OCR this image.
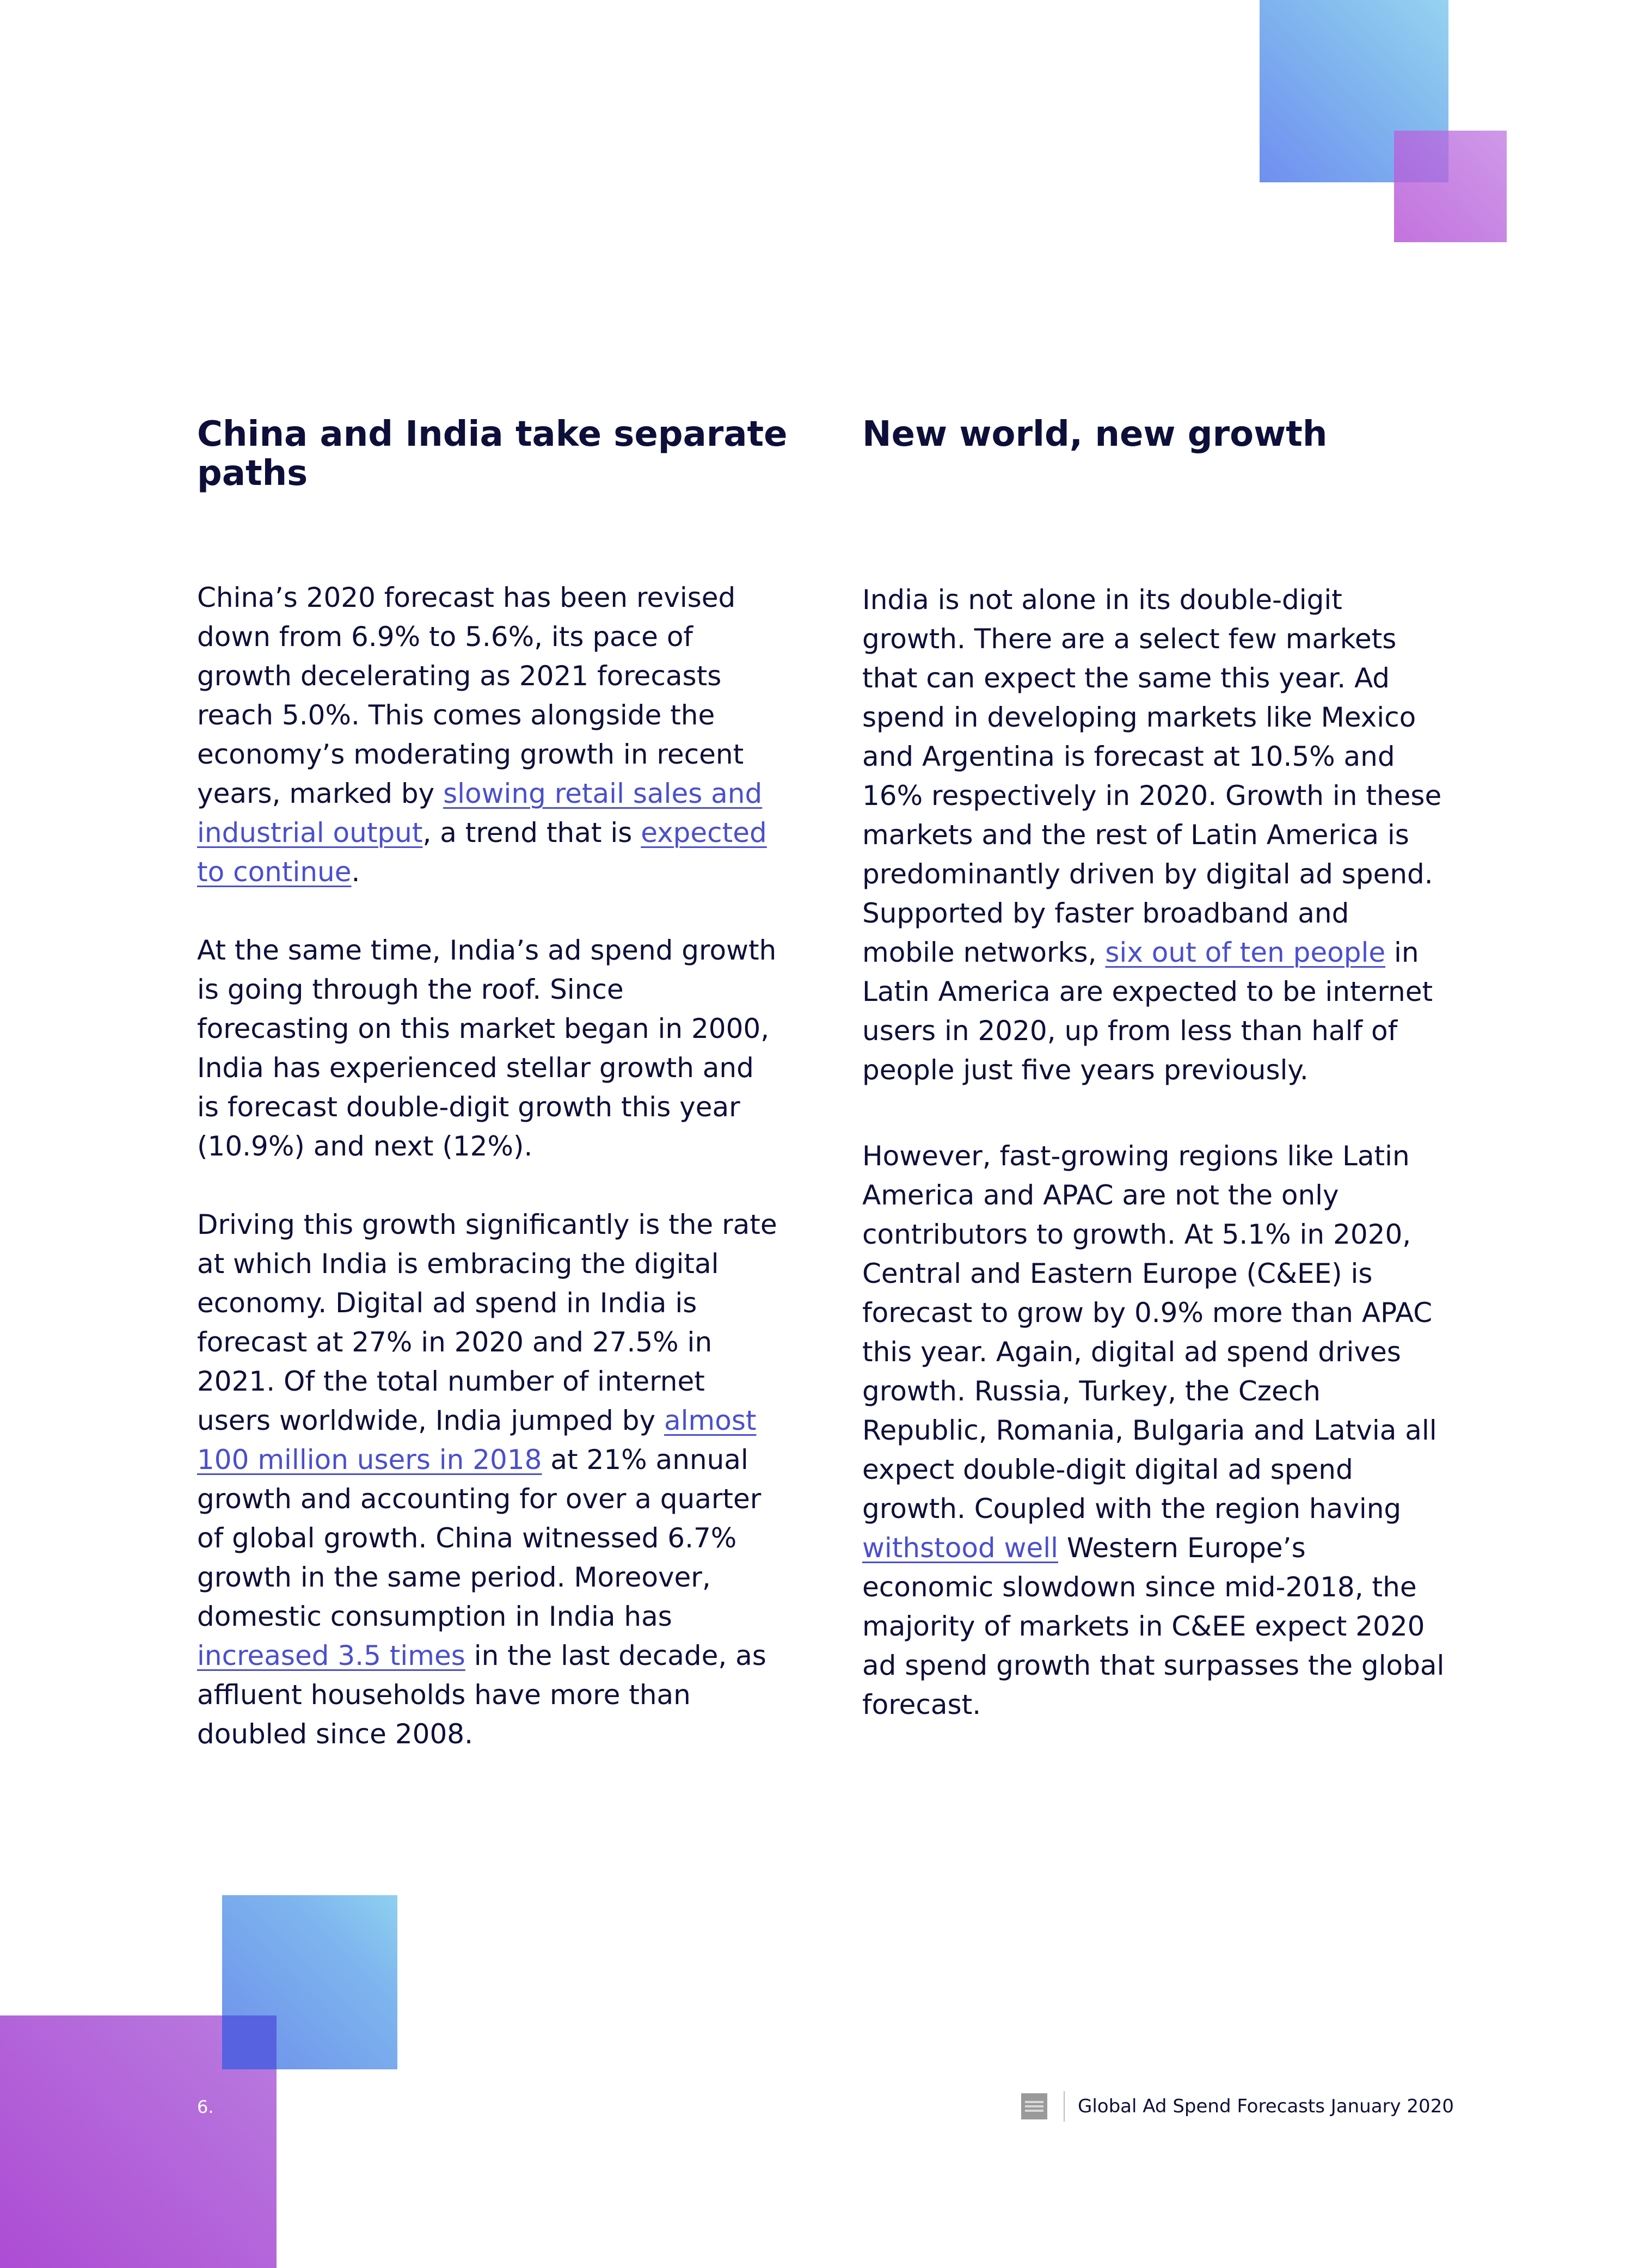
China and India take separate paths
New world, new growth

China’s 2020 forecast has been revised down from 6.9% to 5.6%, its pace of growth decelerating as 2021 forecasts reach 5.0%. This comes alongside the economy’s moderating growth in recent years, marked by slowing retail sales and industrial output, a trend that is expected to continue.

At the same time, India’s ad spend growth is going through the roof. Since forecasting on this market began in 2000, India has experienced stellar growth and is forecast double-digit growth this year (10.9%) and next (12%).

Driving this growth significantly is the rate at which India is embracing the digital economy. Digital ad spend in India is forecast at 27% in 2020 and 27.5% in 2021. Of the total number of internet users worldwide, India jumped by almost 100 million users in 2018 at 21% annual growth and accounting for over a quarter of global growth. China witnessed 6.7% growth in the same period. Moreover, domestic consumption in India has increased 3.5 times in the last decade, as affluent households have more than doubled since 2008.

India is not alone in its double-digit growth. There are a select few markets that can expect the same this year. Ad spend in developing markets like Mexico and Argentina is forecast at 10.5% and 16% respectively in 2020. Growth in these markets and the rest of Latin America is predominantly driven by digital ad spend. Supported by faster broadband and mobile networks, six out of ten people in Latin America are expected to be internet users in 2020, up from less than half of people just five years previously.

However, fast-growing regions like Latin America and APAC are not the only contributors to growth. At 5.1% in 2020, Central and Eastern Europe (C&EE) is forecast to grow by 0.9% more than APAC this year. Again, digital ad spend drives growth. Russia, Turkey, the Czech Republic, Romania, Bulgaria and Latvia all expect double-digit digital ad spend growth. Coupled with the region having withstood well Western Europe’s economic slowdown since mid-2018, the majority of markets in C&EE expect 2020 ad spend growth that surpasses the global forecast.

6.	Global Ad Spend Forecasts January 2020
